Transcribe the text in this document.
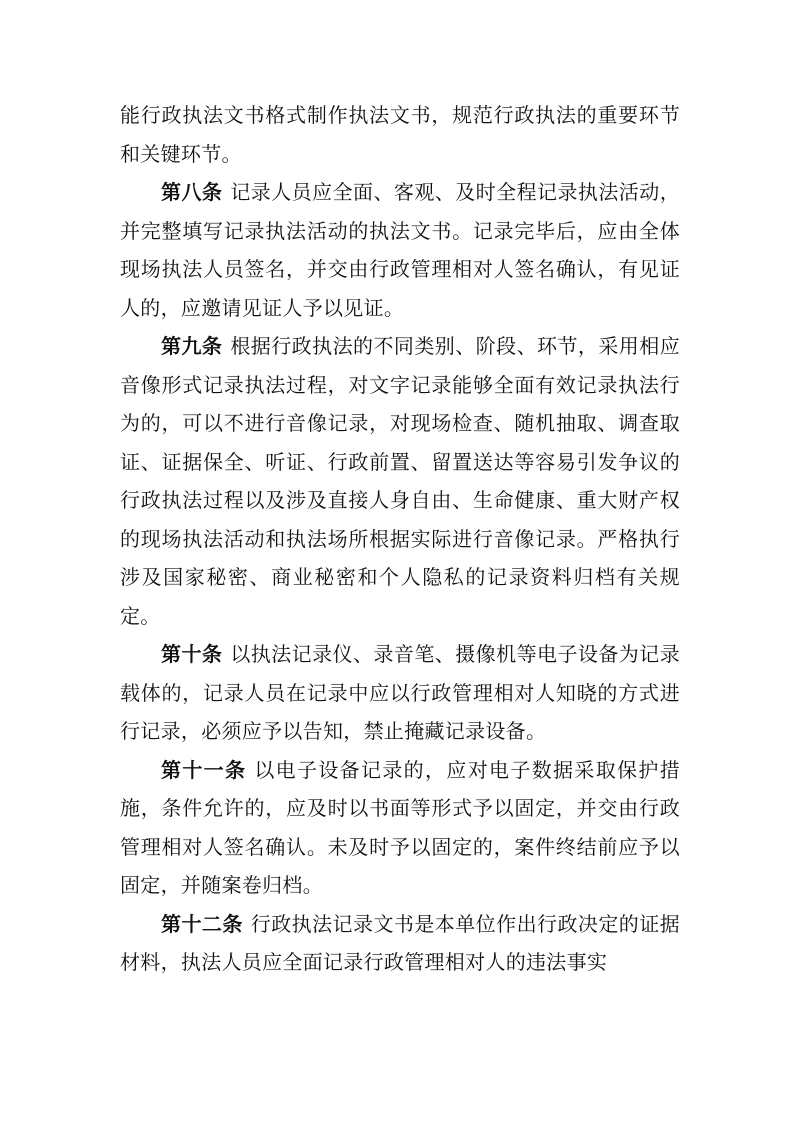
能行政执法文书格式制作执法文书，规范行政执法的重要环节和关键环节。

第八条 记录人员应全面、客观、及时全程记录执法活动，并完整填写记录执法活动的执法文书。记录完毕后，应由全体现场执法人员签名，并交由行政管理相对人签名确认，有见证人的，应邀请见证人予以见证。

第九条 根据行政执法的不同类别、阶段、环节，采用相应音像形式记录执法过程，对文字记录能够全面有效记录执法行为的，可以不进行音像记录，对现场检查、随机抽取、调查取证、证据保全、听证、行政前置、留置送达等容易引发争议的行政执法过程以及涉及直接人身自由、生命健康、重大财产权的现场执法活动和执法场所根据实际进行音像记录。严格执行涉及国家秘密、商业秘密和个人隐私的记录资料归档有关规定。

第十条 以执法记录仪、录音笔、摄像机等电子设备为记录载体的，记录人员在记录中应以行政管理相对人知晓的方式进行记录，必须应予以告知，禁止掩藏记录设备。

第十一条 以电子设备记录的，应对电子数据采取保护措施，条件允许的，应及时以书面等形式予以固定，并交由行政管理相对人签名确认。未及时予以固定的，案件终结前应予以固定，并随案卷归档。

第十二条 行政执法记录文书是本单位作出行政决定的证据材料，执法人员应全面记录行政管理相对人的违法事实
